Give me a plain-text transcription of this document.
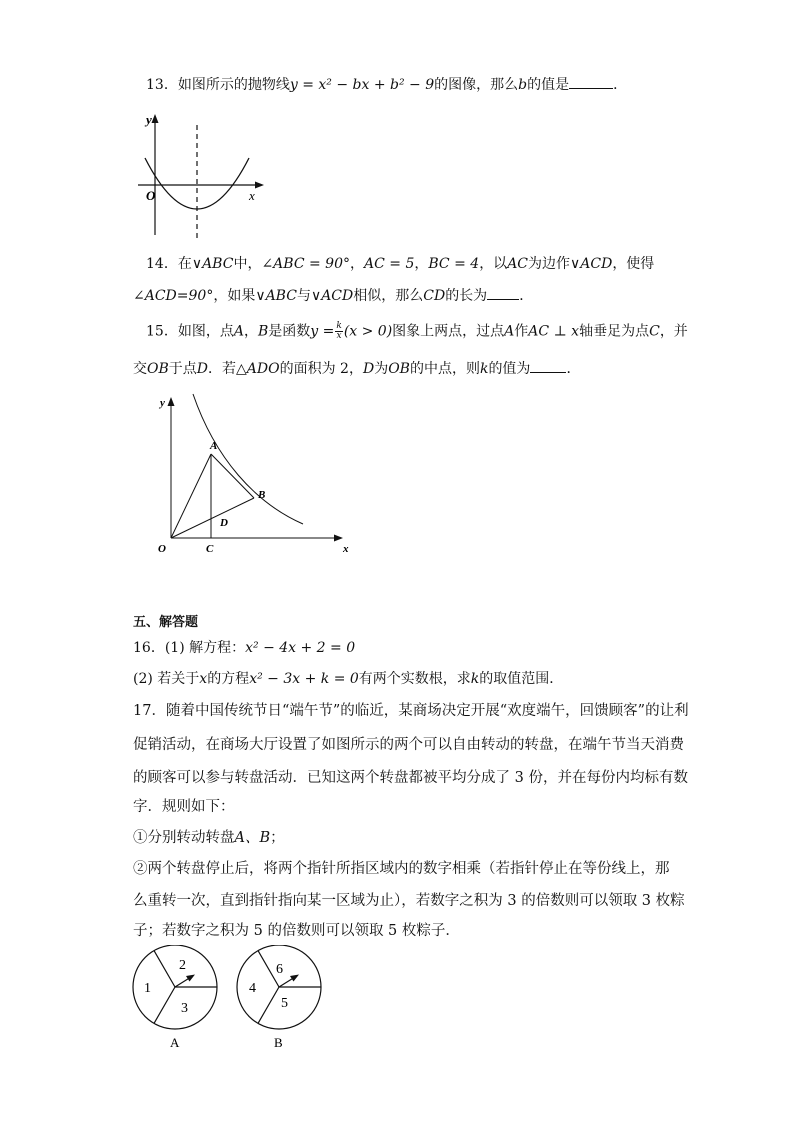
13．如图所示的抛物线y = x² − bx + b² − 9的图像，那么b的值是	．
y
x
O
14．在∨ABC中，∠ABC = 90°，AC = 5，BC = 4，以AC为边作∨ACD，使得
∠ACD=90°，如果∨ABC与∨ACD相似，那么CD的长为 ．
15．如图，点A，B是函数$y = \frac{k}{x} (x > 0)$图象上两点，过点A作AC ⊥ x轴垂足为点C，并
交OB于点D．若△ADO的面积为 2，D为OB的中点，则k的值为	．
y
x
O
A
B
C
D
五、解答题
16．(1) 解方程：x² − 4x + 2 = 0
(2) 若关于x的方程x² − 3x + k = 0有两个实数根，求k的取值范围．
17．随着中国传统节日“端午节”的临近，某商场决定开展“欢度端午，回馈顾客”的让利
促销活动，在商场大厅设置了如图所示的两个可以自由转动的转盘，在端午节当天消费
的顾客可以参与转盘活动．已知这两个转盘都被平均分成了 3 份，并在每份内均标有数
字．规则如下：
①分别转动转盘A、B；
②两个转盘停止后，将两个指针所指区域内的数字相乘（若指针停止在等份线上，那
么重转一次，直到指针指向某一区域为止），若数字之积为 3 的倍数则可以领取 3 枚粽
子；若数字之积为 5 的倍数则可以领取 5 枚粽子．
1
2
3
A
4
6
5
B
